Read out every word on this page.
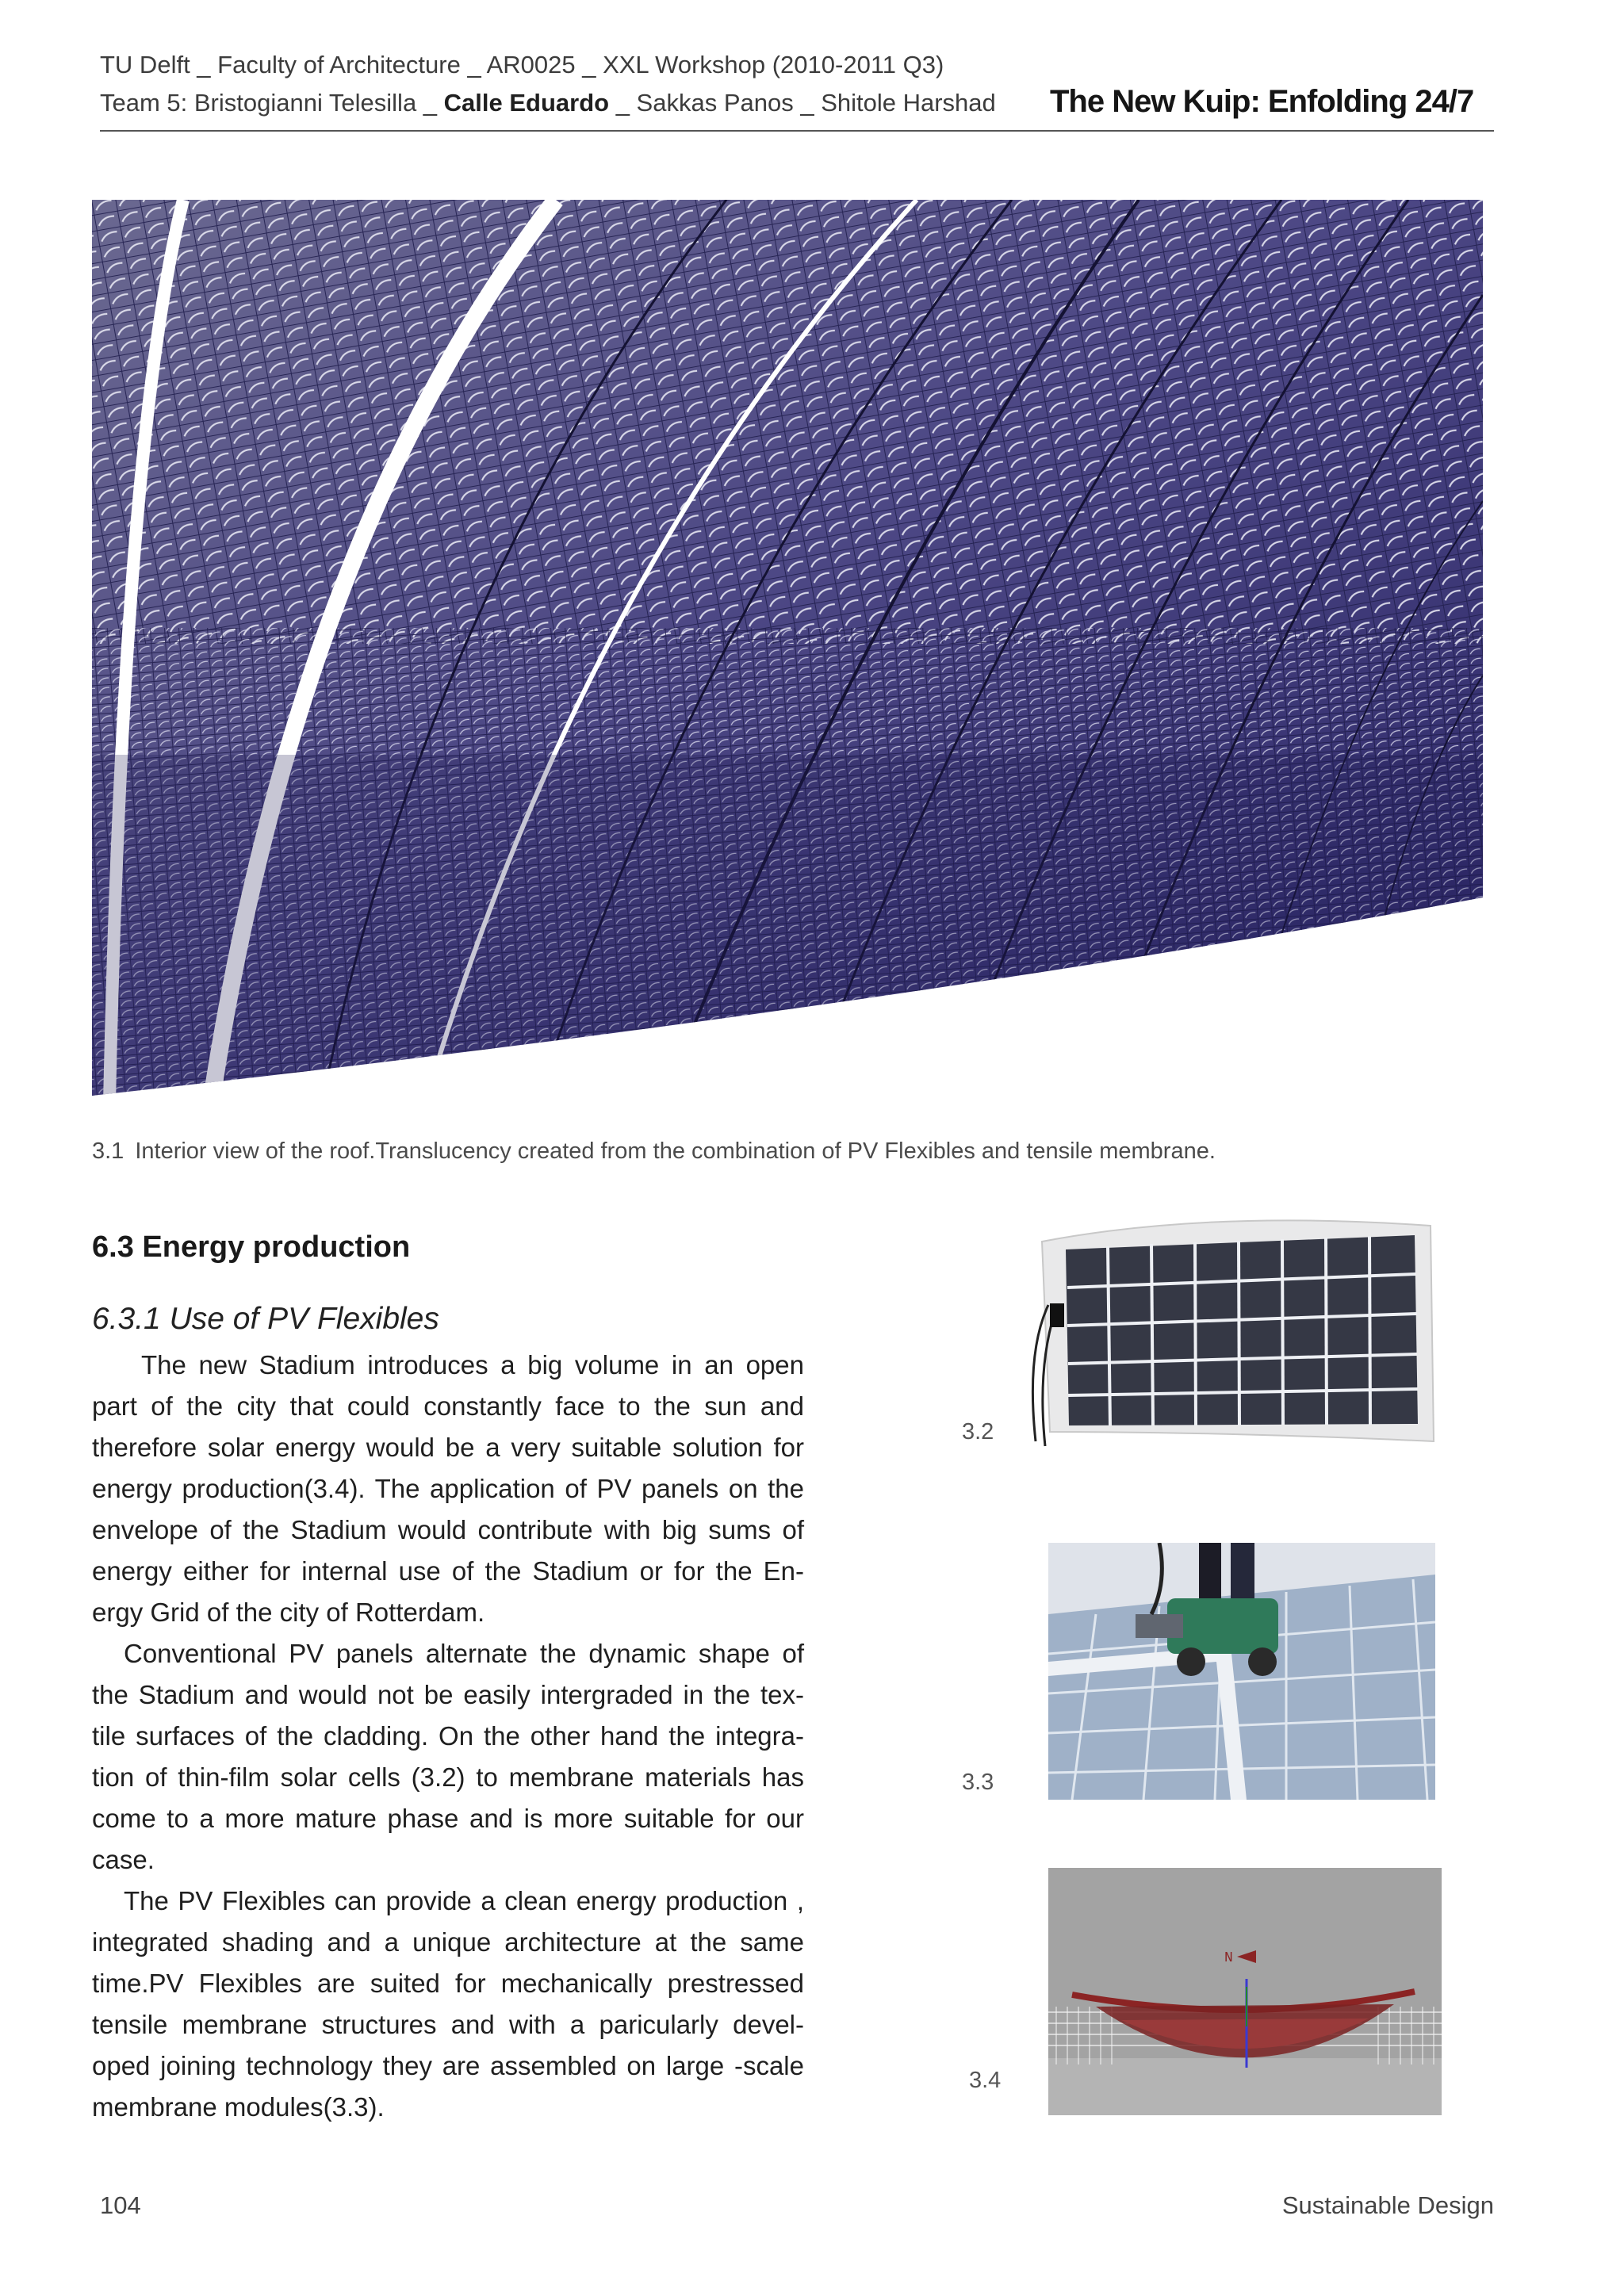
TU Delft _ Faculty of Architecture _ AR0025 _ XXL Workshop (2010-2011 Q3)
Team 5: Bristogianni Telesilla _ Calle Eduardo _ Sakkas Panos _ Shitole Harshad The New Kuip: Enfolding 24/7
3.1 Interior view of the roof.Translucency created from the combination of PV Flexibles and tensile membrane.
6.3 Energy production
6.3.1 Use of PV Flexibles

The new Stadium introduces a big volume in an open part of the city that could constantly face to the sun and therefore solar energy would be a very suitable solution for energy production(3.4). The application of PV panels on the envelope of the Stadium would contribute with big sums of energy either for internal use of the Stadium or for the En-ergy Grid of the city of Rotterdam.

Conventional PV panels alternate the dynamic shape of the Stadium and would not be easily intergraded in the tex-tile surfaces of the cladding. On the other hand the integra-tion of thin-film solar cells (3.2) to membrane materials has come to a more mature phase and is more suitable for our case.

The PV Flexibles can provide a clean energy production , integrated shading and a unique architecture at the same time.PV Flexibles are suited for mechanically prestressed tensile membrane structures and with a paricularly devel-oped joining technology they are assembled on large -scale membrane modules(3.3).

3.2
3.3
N
3.4
104	Sustainable Design
